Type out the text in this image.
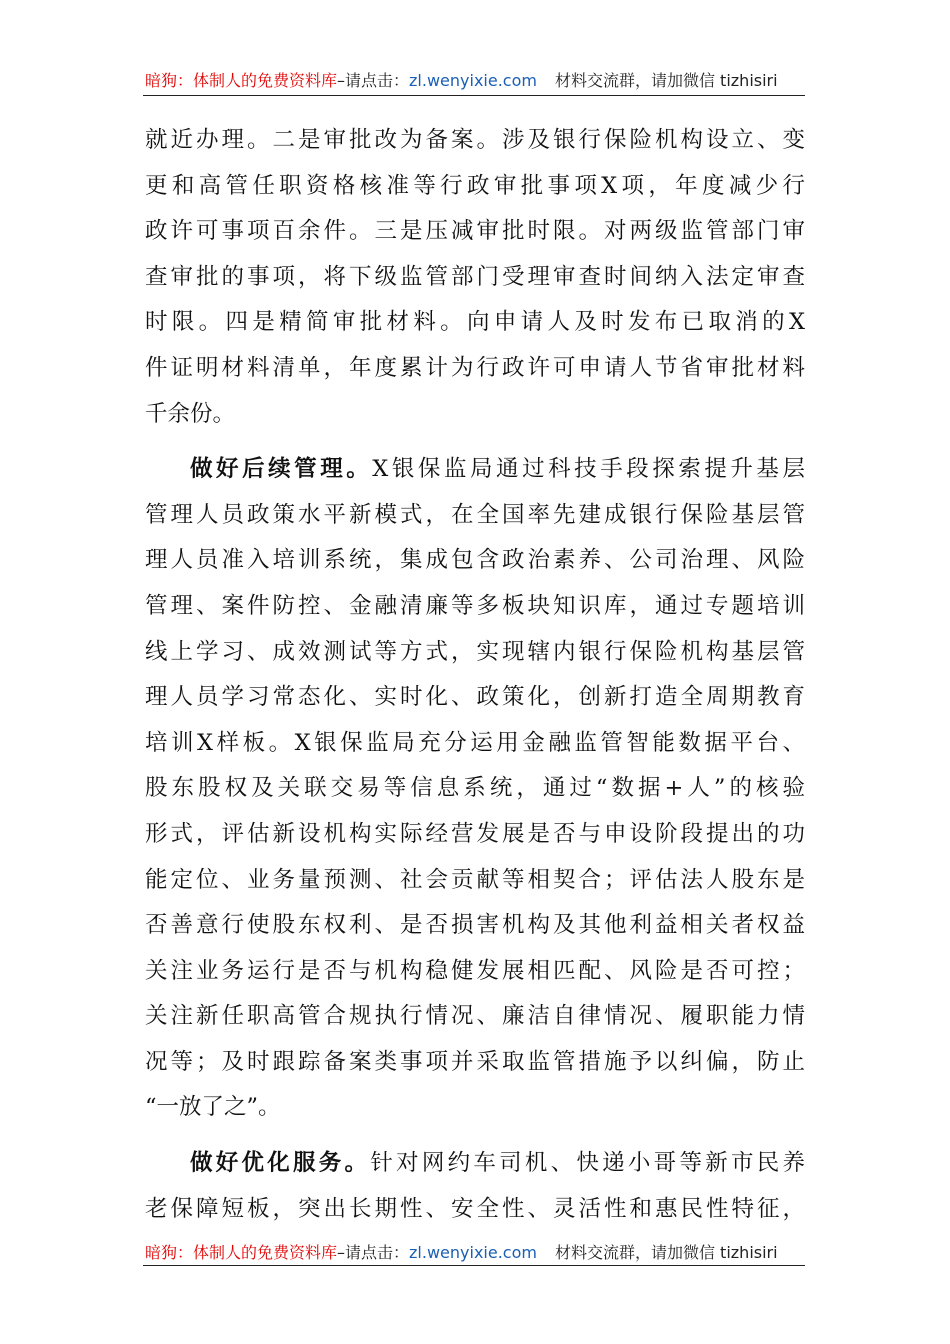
暗狗：体制人的免费资料库 –请点击： zl.wenyixie.com 材料交流群，请加微信 tizhisiri
就近办理。二是审批改为备案。涉及银行保险机构设立、变
更和高管任职资格核准等行政审批事项X项，年度减少行
政许可事项百余件。三是压减审批时限。对两级监管部门审
查审批的事项，将下级监管部门受理审查时间纳入法定审查
时限。四是精简审批材料。向申请人及时发布已取消的X
件证明材料清单，年度累计为行政许可申请人节省审批材料
千余份。
做好后续管理。X银保监局通过科技手段探索提升基层
管理人员政策水平新模式，在全国率先建成银行保险基层管
理人员准入培训系统，集成包含政治素养、公司治理、风险
管理、案件防控、金融清廉等多板块知识库，通过专题培训
线上学习、成效测试等方式，实现辖内银行保险机构基层管
理人员学习常态化、实时化、政策化，创新打造全周期教育
培训X样板。X银保监局充分运用金融监管智能数据平台、
股东股权及关联交易等信息系统，通过“数据+人”的核验
形式，评估新设机构实际经营发展是否与申设阶段提出的功
能定位、业务量预测、社会贡献等相契合；评估法人股东是
否善意行使股东权利、是否损害机构及其他利益相关者权益
关注业务运行是否与机构稳健发展相匹配、风险是否可控；
关注新任职高管合规执行情况、廉洁自律情况、履职能力情
况等；及时跟踪备案类事项并采取监管措施予以纠偏，防止
“一放了之”。
做好优化服务。针对网约车司机、快递小哥等新市民养
老保障短板，突出长期性、安全性、灵活性和惠民性特征，
暗狗：体制人的免费资料库 –请点击： zl.wenyixie.com 材料交流群，请加微信 tizhisiri
